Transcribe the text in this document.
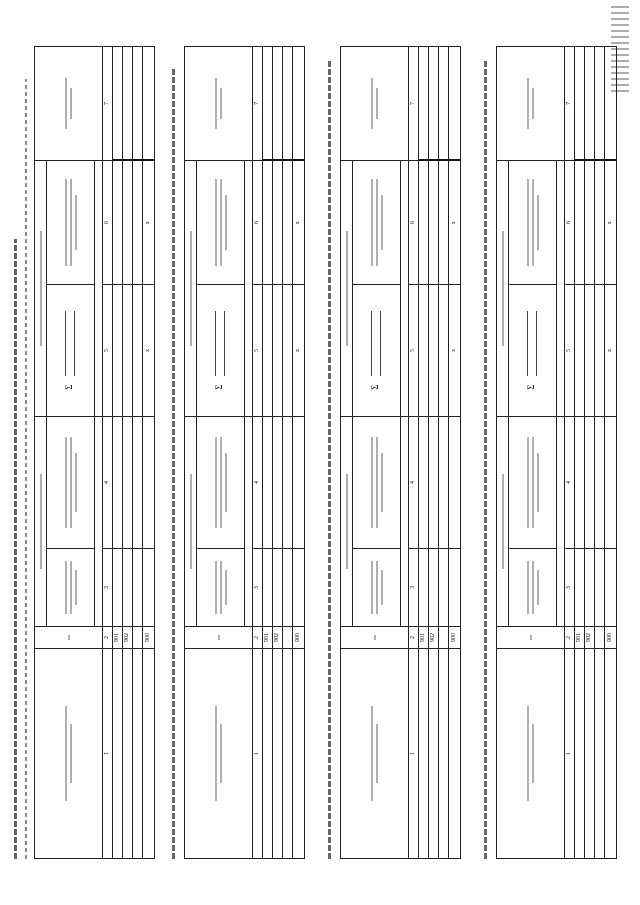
				Σ		

1	2	3	4	5	6	7
	901					
	902					

	900			х	х	

				Σ		

1	2	3	4	5	6	7
	901					
	902					

	900			х	х	

				Σ		

1	2	3	4	5	6	7
	901					
	902					

	900			х	х	

				Σ		

1	2	3	4	5	6	7
	901					
	902					

	900			х	х	
